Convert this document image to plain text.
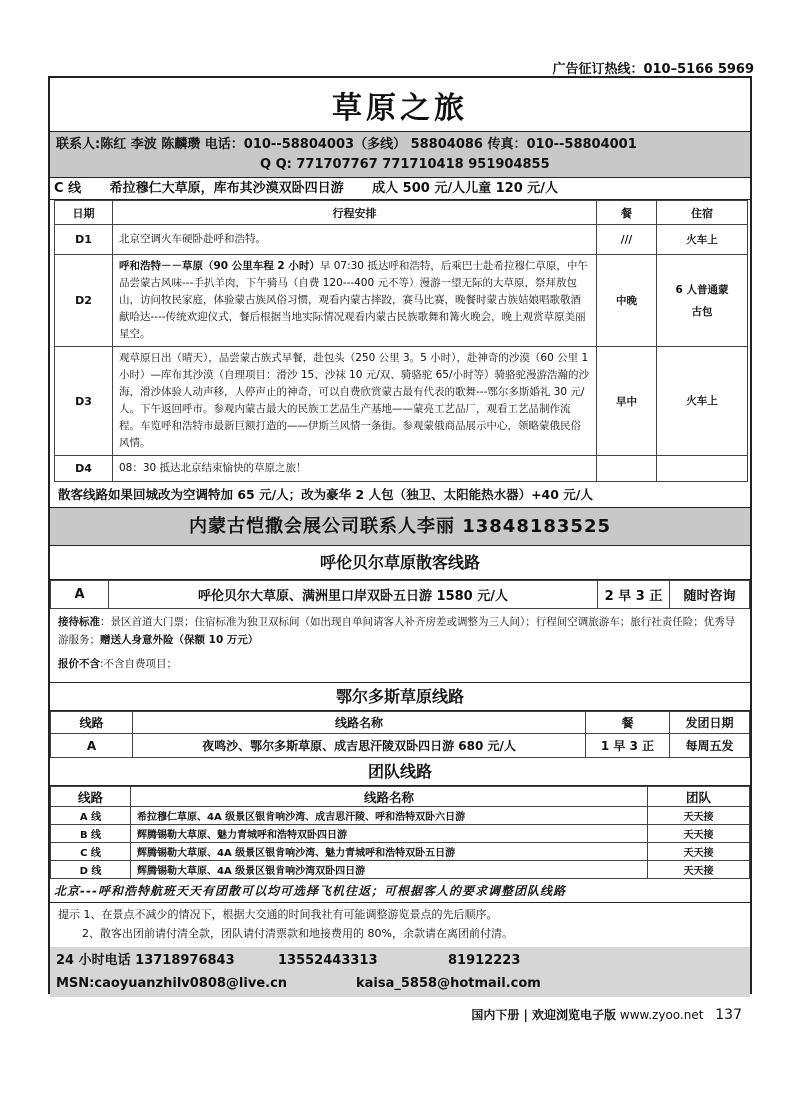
广告征订热线：010–5166 5969
草原之旅
联系人:陈红 李波 陈麟瓒 电话：010--58804003（多线） 58804086 传真：010--58804001
Q Q: 771707767 771710418 951904855
C 线 希拉穆仁大草原，库布其沙漠双卧四日游 成人 500 元/人儿童 120 元/人
日期	行程安排	餐	住宿
D1	北京空调火车硬卧赴呼和浩特。	///	火车上
D2	呼和浩特－－草原（90 公里车程 2 小时）早 07:30 抵达呼和浩特，后乘巴士赴希拉穆仁草原，中午品尝蒙古风味---手扒羊肉，下午骑马（自费 120---400 元不等）漫游一望无际的大草原，祭拜敖包山，访问牧民家庭，体验蒙古族风俗习惯，观看内蒙古摔跤，赛马比赛，晚餐时蒙古族姑娘唱歌敬酒献哈达----传统欢迎仪式，餐后根据当地实际情况观看内蒙古民族歌舞和篝火晚会，晚上观赏草原美丽星空。	中晚	6 人普通蒙古包
D3	观草原日出（晴天），品尝蒙古族式早餐，赴包头（250 公里 3。5 小时），赴神奇的沙漠（60 公里 1 小时）—库布其沙漠（自理项目：滑沙 15、沙袜 10 元/双、骑骆驼 65/小时等）骑骆驼漫游浩瀚的沙海，滑沙体验人动声移，人停声止的神奇，可以自费欣赏蒙古最有代表的歌舞---鄂尔多斯婚礼 30 元/人。下午返回呼市。参观内蒙古最大的民族工艺品生产基地——蒙亮工艺品厂，观看工艺品制作流程。车览呼和浩特市最新巨额打造的——伊斯兰风情一条街。参观蒙俄商品展示中心，领略蒙俄民俗风情。	早中	火车上
D4	08：30 抵达北京结束愉快的草原之旅！		
散客线路如果回城改为空调特加 65 元/人；改为豪华 2 人包（独卫、太阳能热水器）+40 元/人
内蒙古恺撒会展公司联系人李丽 13848183525
呼伦贝尔草原散客线路
A	呼伦贝尔大草原、满洲里口岸双卧五日游 1580 元/人	2 早 3 正	随时咨询
接待标准：景区首道大门票；住宿标准为独卫双标间（如出现自单间请客人补齐房差或调整为三人间）；行程间空调旅游车；旅行社责任险；优秀导游服务；赠送人身意外险（保额 10 万元）
报价不含:不含自费项目；
鄂尔多斯草原线路
线路	线路名称	餐	发团日期
A	夜鸣沙、鄂尔多斯草原、成吉思汗陵双卧四日游 680 元/人	1 早 3 正	每周五发
团队线路
线路	线路名称	团队
A 线	希拉穆仁草原、4A 级景区银肯响沙湾、成吉思汗陵、呼和浩特双卧六日游	天天接
B 线	辉腾锡勒大草原、魅力青城呼和浩特双卧四日游	天天接
C 线	辉腾锡勒大草原、4A 级景区银肯响沙湾、魅力青城呼和浩特双卧五日游	天天接
D 线	辉腾锡勒大草原、4A 级景区银肯响沙湾双卧四日游	天天接
北京---呼和浩特航班天天有团散可以均可选择飞机往返；可根据客人的要求调整团队线路
提示 1、在景点不减少的情况下，根据大交通的时间我社有可能调整游览景点的先后顺序。
2、散客出团前请付清全款，团队请付清票款和地接费用的 80%，余款请在离团前付清。
24 小时电话 13718976843	13552443313	81912223
MSN:caoyuanzhilv0808@live.cn	kaisa_5858@hotmail.com
国内下册 | 欢迎浏览电子版 www.zyoo.net 137
